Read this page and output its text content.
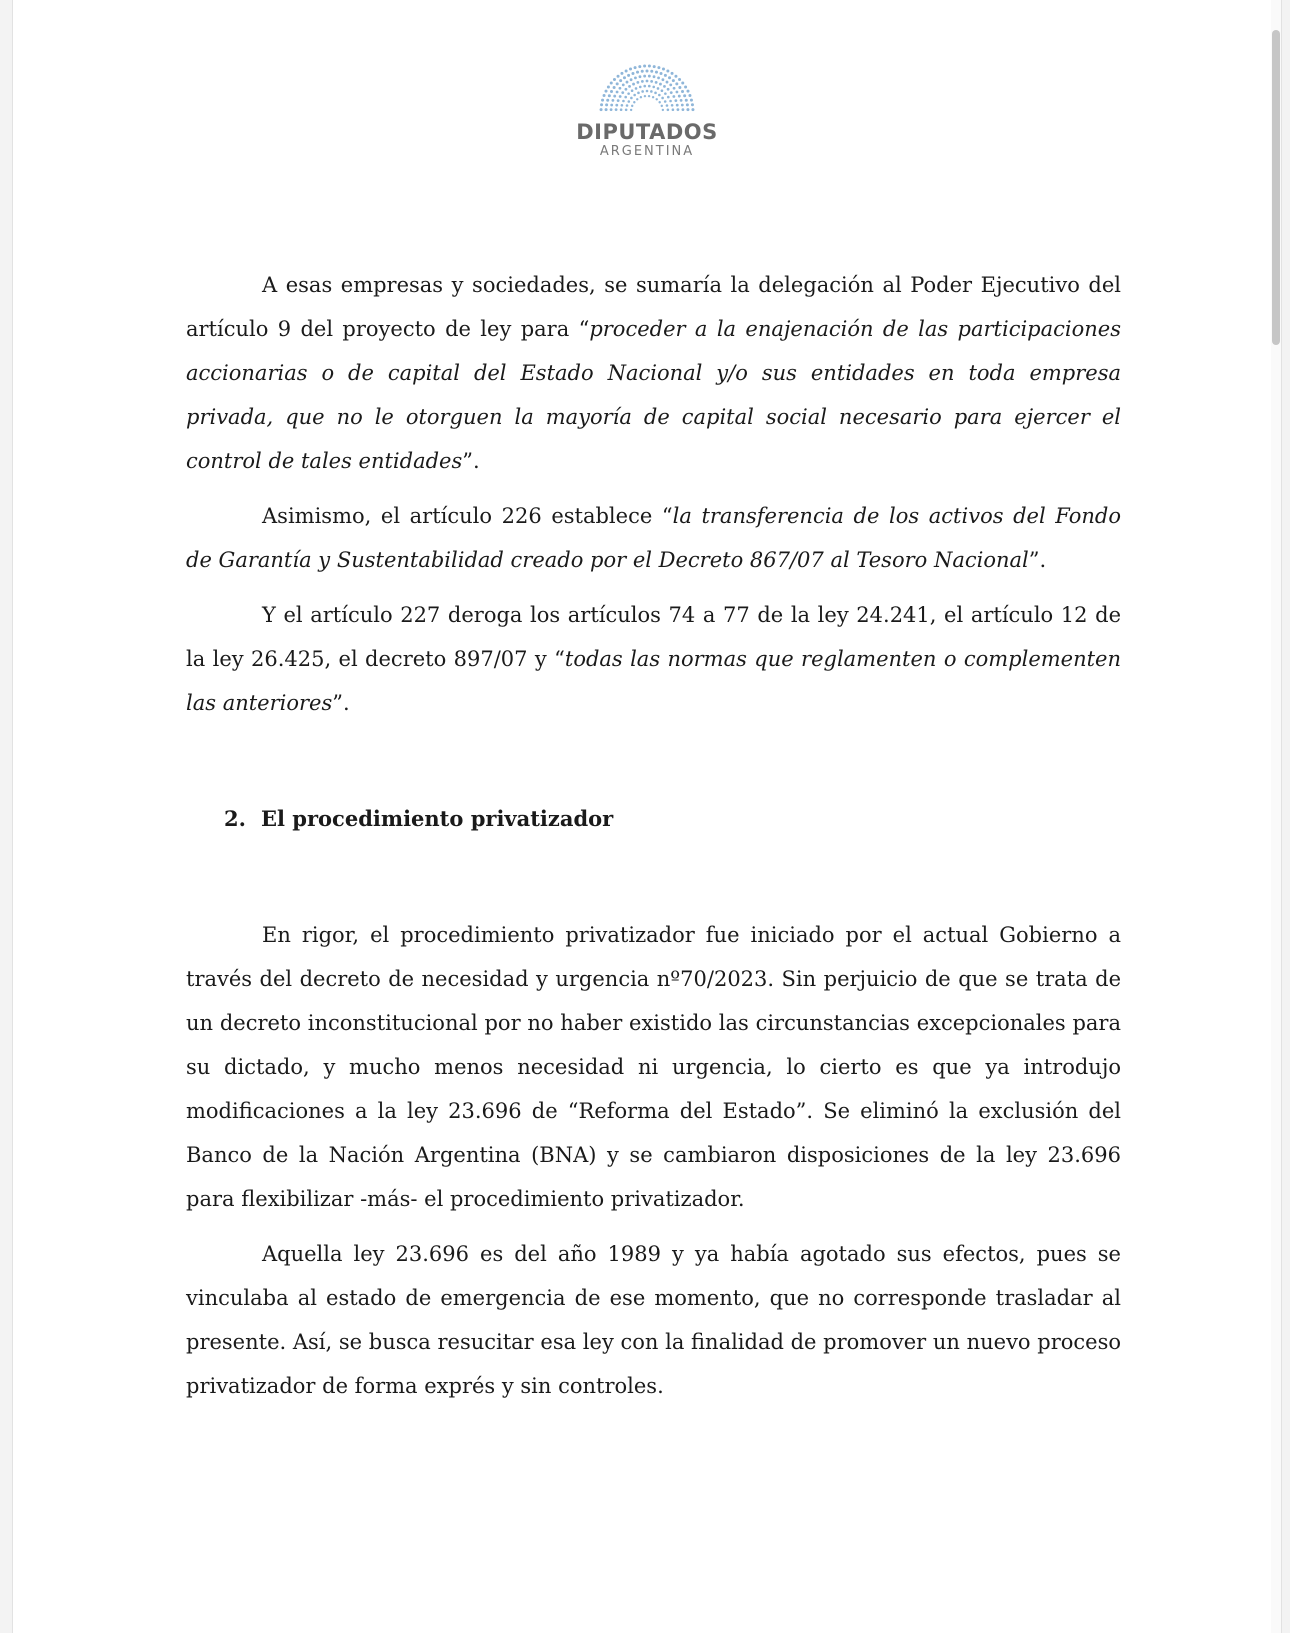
DIPUTADOS
ARGENTINA

A esas empresas y sociedades, se sumaría la delegación al Poder Ejecutivo del artículo 9 del proyecto de ley para “proceder a la enajenación de las participaciones accionarias o de capital del Estado Nacional y/o sus entidades en toda empresa privada, que no le otorguen la mayoría de capital social necesario para ejercer el control de tales entidades”.

Asimismo, el artículo 226 establece “la transferencia de los activos del Fondo de Garantía y Sustentabilidad creado por el Decreto 867/07 al Tesoro Nacional”.

Y el artículo 227 deroga los artículos 74 a 77 de la ley 24.241, el artículo 12 de la ley 26.425, el decreto 897/07 y “todas las normas que reglamenten o complementen las anteriores”.

2. El procedimiento privatizador

En rigor, el procedimiento privatizador fue iniciado por el actual Gobierno a través del decreto de necesidad y urgencia nº70/2023. Sin perjuicio de que se trata de un decreto inconstitucional por no haber existido las circunstancias excepcionales para su dictado, y mucho menos necesidad ni urgencia, lo cierto es que ya introdujo modificaciones a la ley 23.696 de “Reforma del Estado”. Se eliminó la exclusión del Banco de la Nación Argentina (BNA) y se cambiaron disposiciones de la ley 23.696 para flexibilizar -más- el procedimiento privatizador.

Aquella ley 23.696 es del año 1989 y ya había agotado sus efectos, pues se vinculaba al estado de emergencia de ese momento, que no corresponde trasladar al presente. Así, se busca resucitar esa ley con la finalidad de promover un nuevo proceso privatizador de forma exprés y sin controles.
